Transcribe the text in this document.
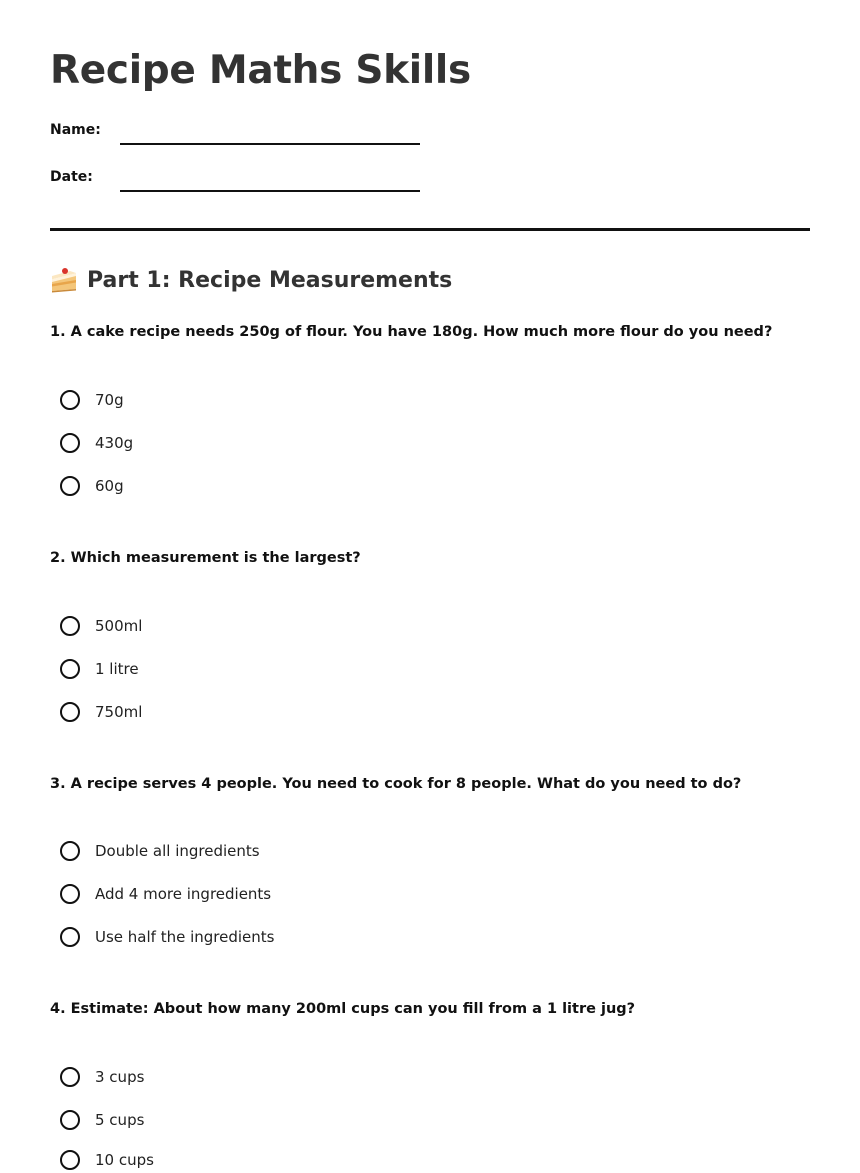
Recipe Maths Skills
Name:
Date:
Part 1: Recipe Measurements
1. A cake recipe needs 250g of flour. You have 180g. How much more flour do you need?
70g
430g
60g
2. Which measurement is the largest?
500ml
1 litre
750ml
3. A recipe serves 4 people. You need to cook for 8 people. What do you need to do?
Double all ingredients
Add 4 more ingredients
Use half the ingredients
4. Estimate: About how many 200ml cups can you fill from a 1 litre jug?
3 cups
5 cups
10 cups
